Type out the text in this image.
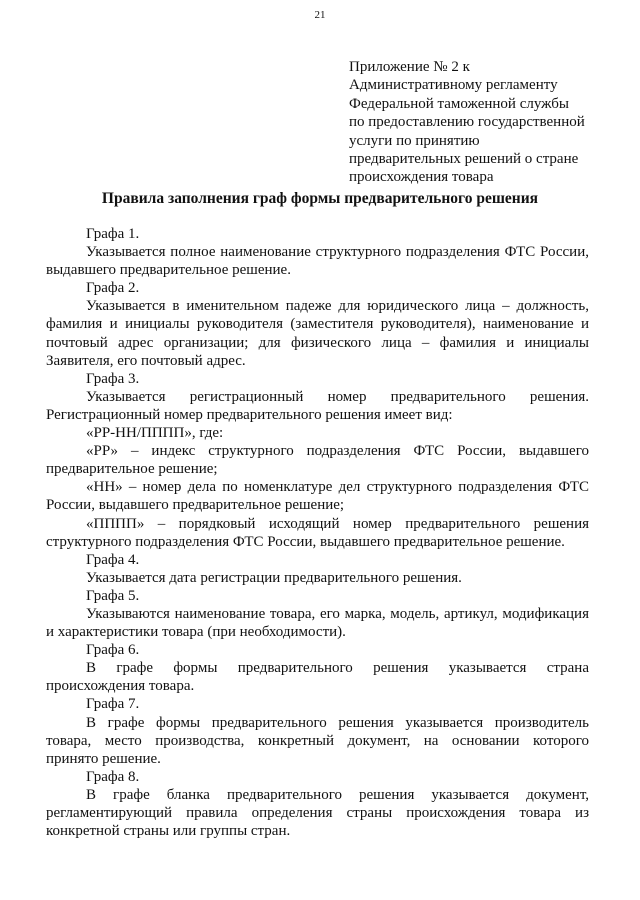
21
Приложение № 2 к
Административному регламенту
Федеральной таможенной службы
по предоставлению государственной
услуги по принятию
предварительных решений о стране
происхождения товара
Правила заполнения граф формы предварительного решения
Графа 1.
Указывается полное наименование структурного подразделения ФТС России,
выдавшего предварительное решение.
Графа 2.
Указывается в именительном падеже для юридического лица – должность,
фамилия и инициалы руководителя (заместителя руководителя), наименование и
почтовый адрес организации; для физического лица – фамилия и инициалы
Заявителя, его почтовый адрес.
Графа 3.
Указывается регистрационный номер предварительного решения.
Регистрационный номер предварительного решения имеет вид:
«РР-НН/ПППП», где:
«РР» – индекс структурного подразделения ФТС России, выдавшего
предварительное решение;
«НН» – номер дела по номенклатуре дел структурного подразделения ФТС
России, выдавшего предварительное решение;
«ПППП» – порядковый исходящий номер предварительного решения
структурного подразделения ФТС России, выдавшего предварительное решение.
Графа 4.
Указывается дата регистрации предварительного решения.
Графа 5.
Указываются наименование товара, его марка, модель, артикул, модификация
и характеристики товара (при необходимости).
Графа 6.
В графе формы предварительного решения указывается страна
происхождения товара.
Графа 7.
В графе формы предварительного решения указывается производитель
товара, место производства, конкретный документ, на основании которого
принято решение.
Графа 8.
В графе бланка предварительного решения указывается документ,
регламентирующий правила определения страны происхождения товара из
конкретной страны или группы стран.
